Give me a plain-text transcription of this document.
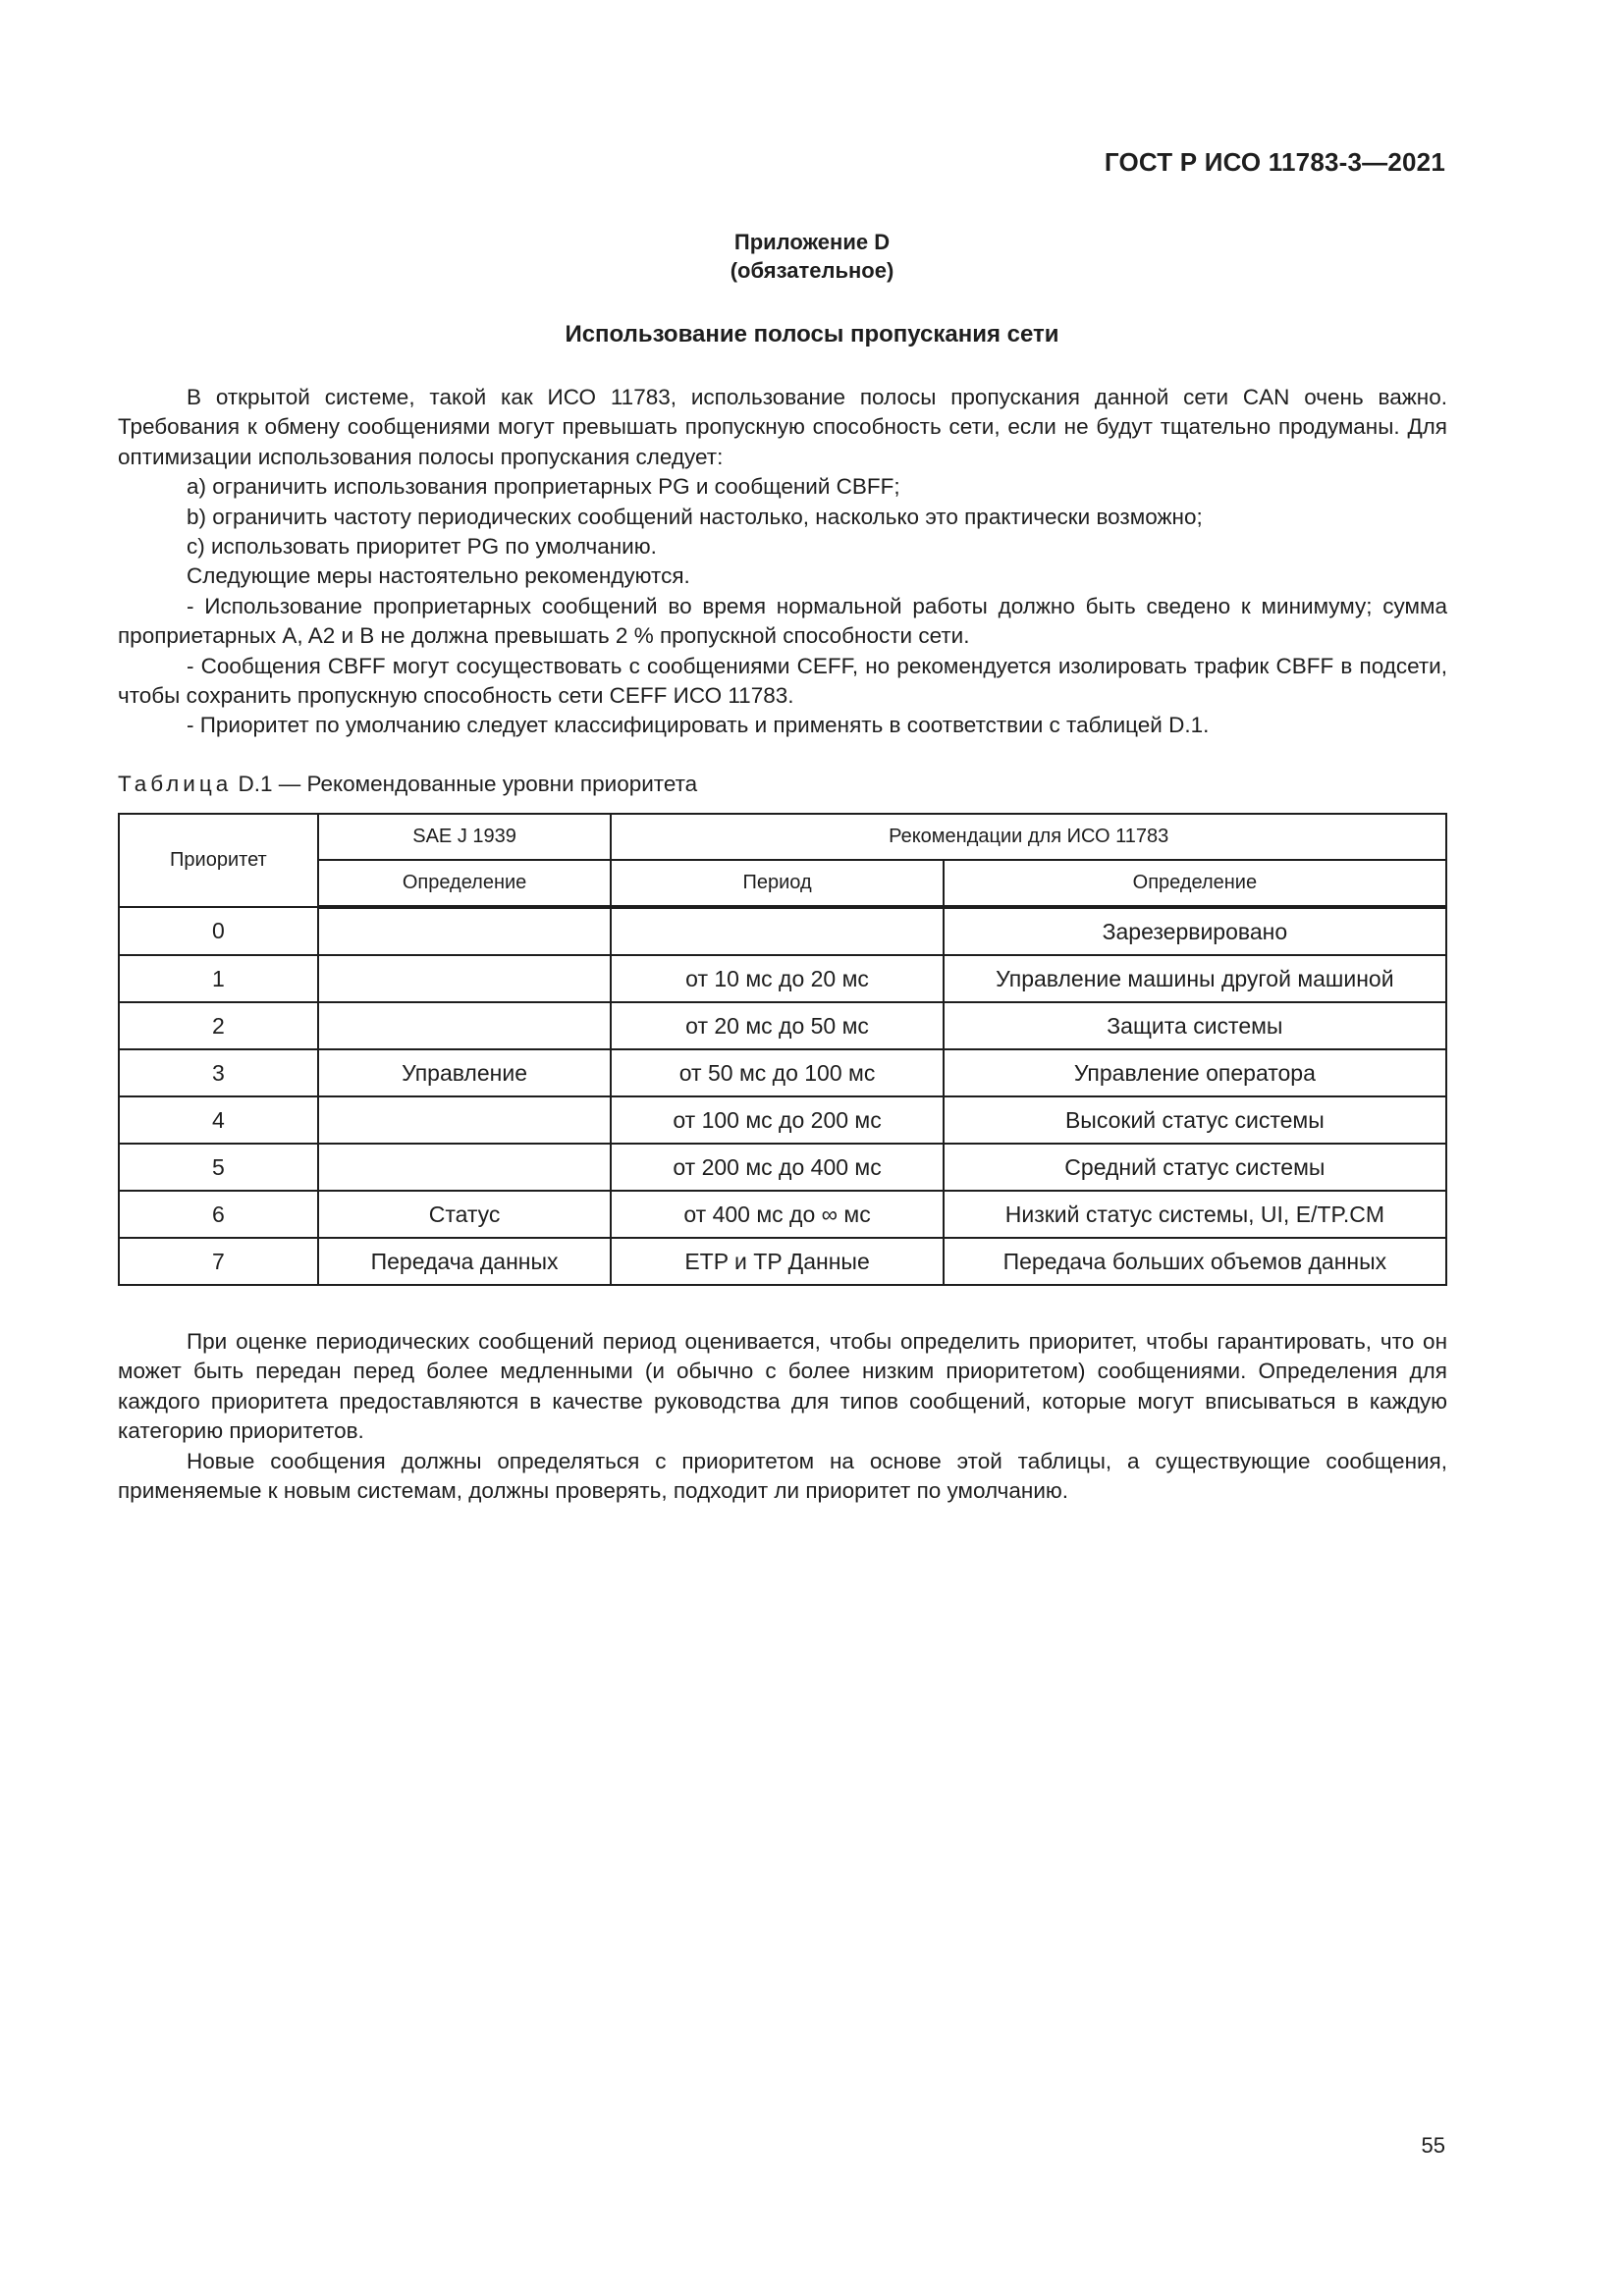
ГОСТ Р ИСО 11783-3—2021
Приложение D
(обязательное)
Использование полосы пропускания сети

В открытой системе, такой как ИСО 11783, использование полосы пропускания данной сети CAN очень важно. Требования к обмену сообщениями могут превышать пропускную способность сети, если не будут тщательно продуманы. Для оптимизации использования полосы пропускания следует:

a) ограничить использования проприетарных PG и сообщений CBFF;

b) ограничить частоту периодических сообщений настолько, насколько это практически возможно;

c) использовать приоритет PG по умолчанию.

Следующие меры настоятельно рекомендуются.

- Использование проприетарных сообщений во время нормальной работы должно быть сведено к минимуму; сумма проприетарных A, A2 и B не должна превышать 2 % пропускной способности сети.

- Сообщения CBFF могут сосуществовать с сообщениями CEFF, но рекомендуется изолировать трафик CBFF в подсети, чтобы сохранить пропускную способность сети CEFF ИСО 11783.

- Приоритет по умолчанию следует классифицировать и применять в соответствии с таблицей D.1.

Таблица D.1 — Рекомендованные уровни приоритета
Приоритет	SAE J 1939	Рекомендации для ИСО 11783	
	Определение	Период	Определение
0			Зарезервировано
1		от 10 мс до 20 мс	Управление машины другой машиной
2		от 20 мс до 50 мс	Защита системы
3	Управление	от 50 мс до 100 мс	Управление оператора
4		от 100 мс до 200 мс	Высокий статус системы
5		от 200 мс до 400 мс	Средний статус системы
6	Статус	от 400 мс до ∞ мс	Низкий статус системы, UI, E/TP.CM
7	Передача данных	ETP и TP Данные	Передача больших объемов данных

При оценке периодических сообщений период оценивается, чтобы определить приоритет, чтобы гарантировать, что он может быть передан перед более медленными (и обычно с более низким приоритетом) сообщениями. Определения для каждого приоритета предоставляются в качестве руководства для типов сообщений, которые могут вписываться в каждую категорию приоритетов.

Новые сообщения должны определяться с приоритетом на основе этой таблицы, а существующие сообщения, применяемые к новым системам, должны проверять, подходит ли приоритет по умолчанию.

55
